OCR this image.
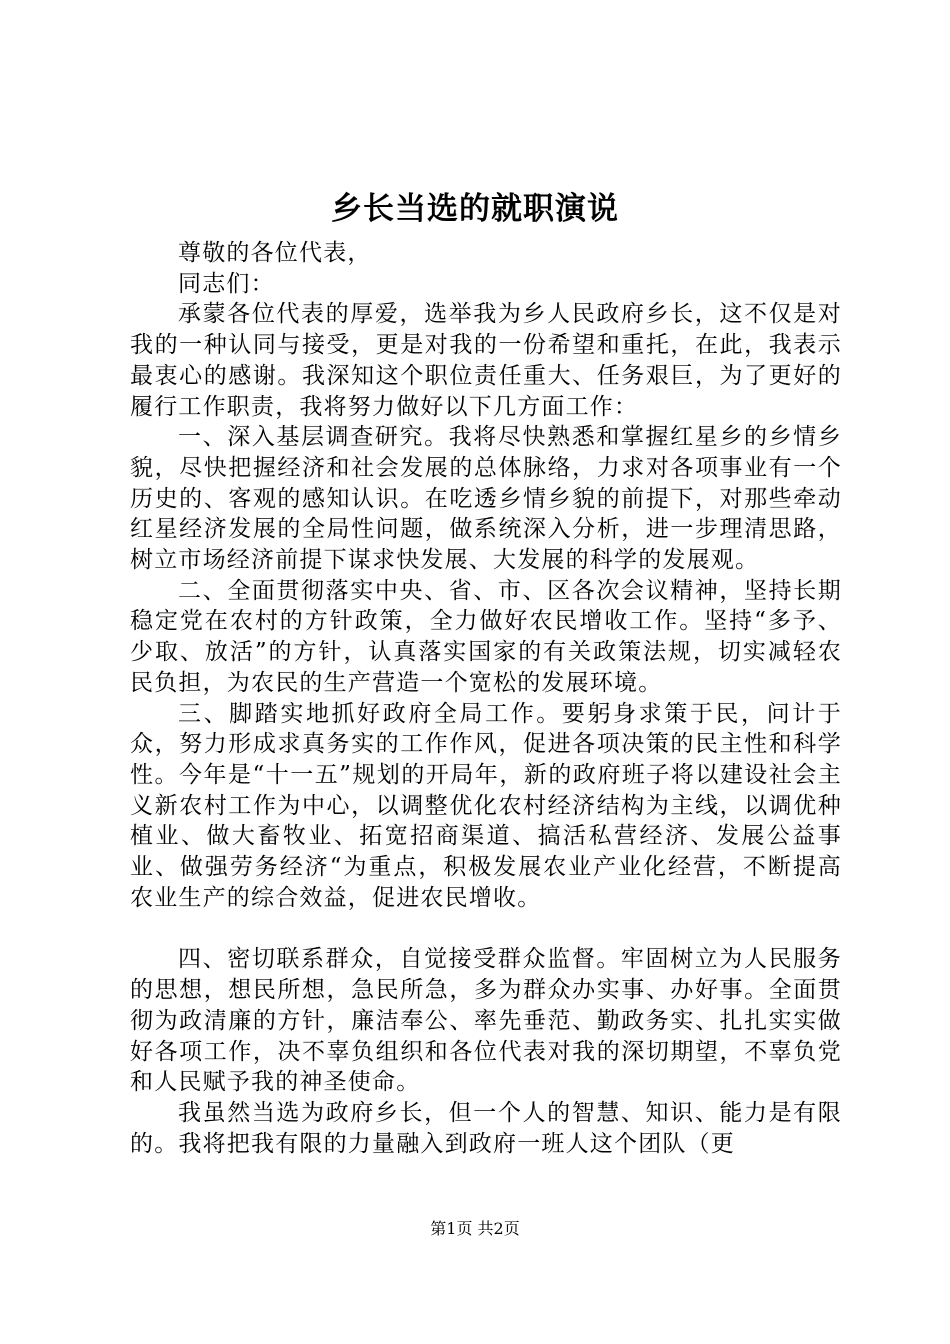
乡长当选的就职演说

尊敬的各位代表，

同志们：

承蒙各位代表的厚爱，选举我为乡人民政府乡长，这不仅是对我的一种认同与接受，更是对我的一份希望和重托，在此，我表示最衷心的感谢。我深知这个职位责任重大、任务艰巨，为了更好的履行工作职责，我将努力做好以下几方面工作：

一、深入基层调查研究。我将尽快熟悉和掌握红星乡的乡情乡貌，尽快把握经济和社会发展的总体脉络，力求对各项事业有一个历史的、客观的感知认识。在吃透乡情乡貌的前提下，对那些牵动红星经济发展的全局性问题，做系统深入分析，进一步理清思路，树立市场经济前提下谋求快发展、大发展的科学的发展观。

二、全面贯彻落实中央、省、市、区各次会议精神，坚持长期稳定党在农村的方针政策，全力做好农民增收工作。坚持“多予、少取、放活”的方针，认真落实国家的有关政策法规，切实减轻农民负担，为农民的生产营造一个宽松的发展环境。

三、脚踏实地抓好政府全局工作。要躬身求策于民，问计于众，努力形成求真务实的工作作风，促进各项决策的民主性和科学性。今年是“十一五”规划的开局年，新的政府班子将以建设社会主义新农村工作为中心，以调整优化农村经济结构为主线，以调优种植业、做大畜牧业、拓宽招商渠道、搞活私营经济、发展公益事业、做强劳务经济“为重点，积极发展农业产业化经营，不断提高农业生产的综合效益，促进农民增收。

四、密切联系群众，自觉接受群众监督。牢固树立为人民服务的思想，想民所想，急民所急，多为群众办实事、办好事。全面贯彻为政清廉的方针，廉洁奉公、率先垂范、勤政务实、扎扎实实做好各项工作，决不辜负组织和各位代表对我的深切期望，不辜负党和人民赋予我的神圣使命。

我虽然当选为政府乡长，但一个人的智慧、知识、能力是有限的。我将把我有限的力量融入到政府一班人这个团队（更

第1页 共2页
